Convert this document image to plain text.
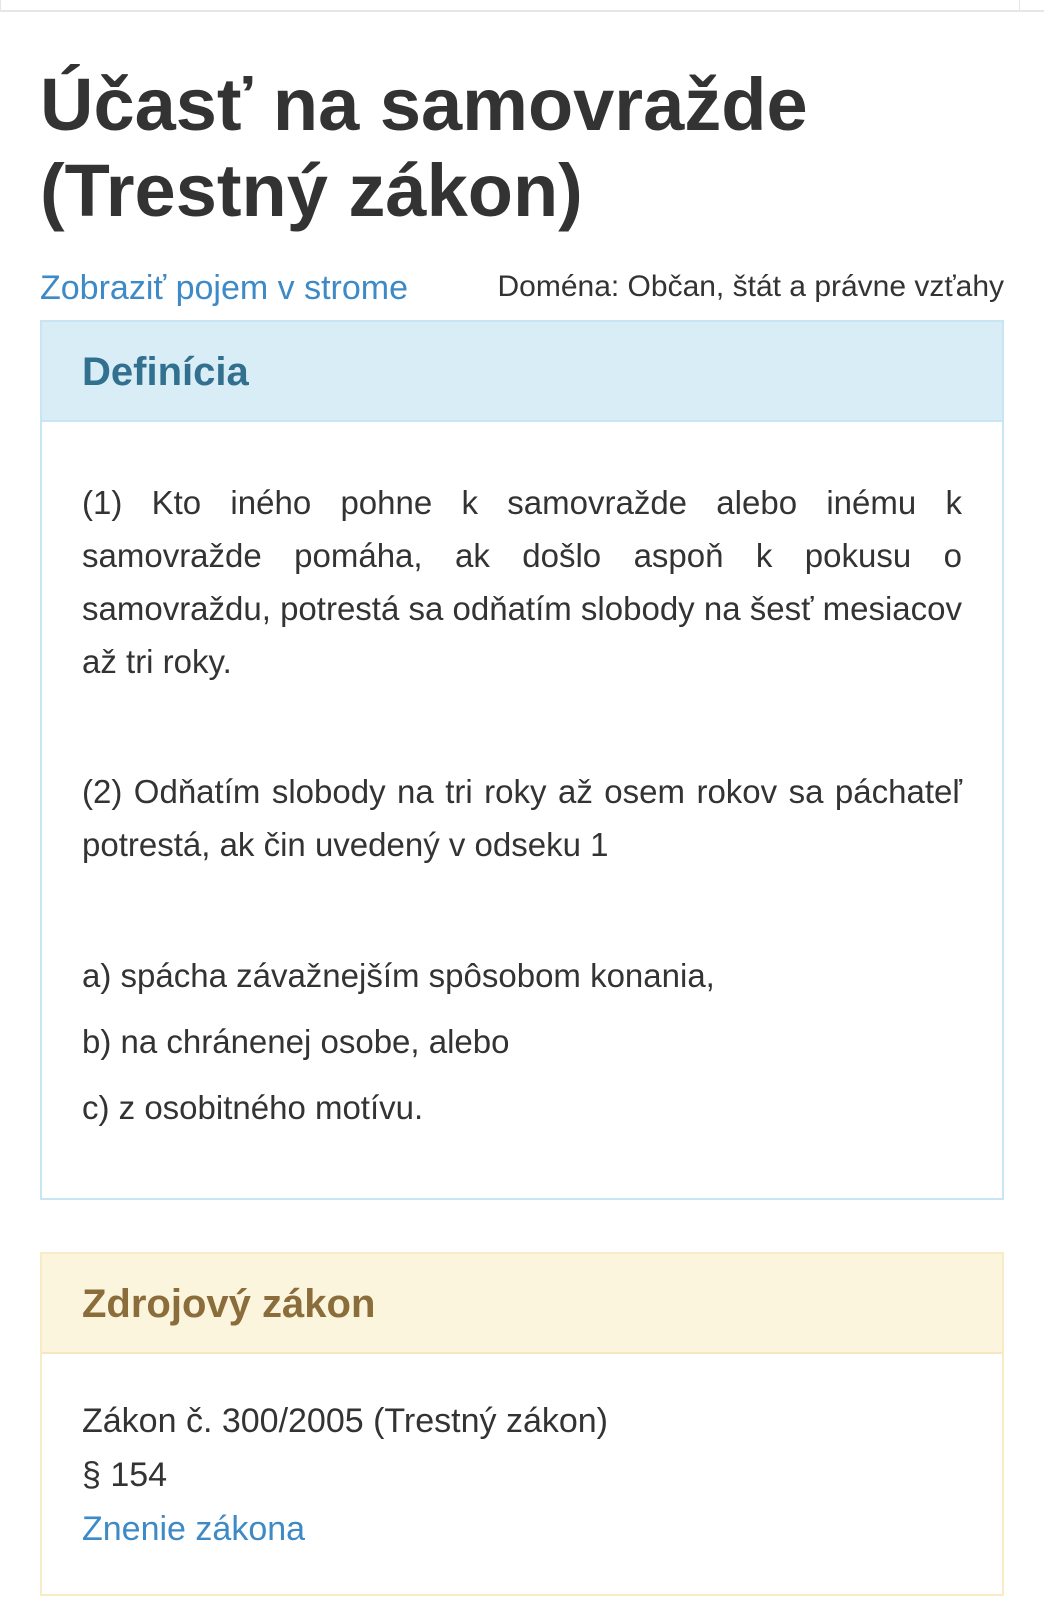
Účasť na samovražde (Trestný zákon)
Zobraziť pojem v strome	Doména: Občan, štát a právne vzťahy
Definícia

(1) Kto iného pohne k samovražde alebo inému k samovražde pomáha, ak došlo aspoň k pokusu o samovraždu, potrestá sa odňatím slobody na šesť mesiacov až tri roky.

(2) Odňatím slobody na tri roky až osem rokov sa páchateľ potrestá, ak čin uvedený v odseku 1

a) spácha závažnejším spôsobom konania,

b) na chránenej osobe, alebo

c) z osobitného motívu.

Zdrojový zákon

Zákon č. 300/2005 (Trestný zákon)

§ 154

Znenie zákona
